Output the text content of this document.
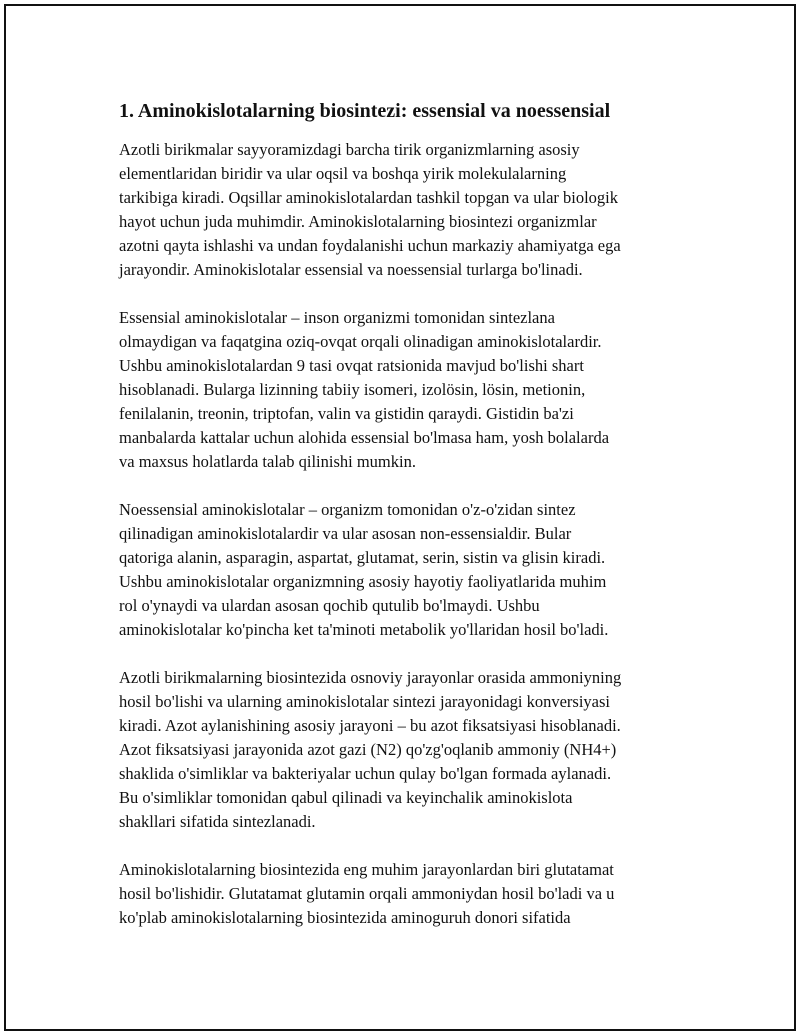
1. Aminokislotalarning biosintezi: essensial va noessensial

Azotli birikmalar sayyoramizdagi barcha tirik organizmlarning asosiy
elementlaridan biridir va ular oqsil va boshqa yirik molekulalarning
tarkibiga kiradi. Oqsillar aminokislotalardan tashkil topgan va ular biologik
hayot uchun juda muhimdir. Aminokislotalarning biosintezi organizmlar
azotni qayta ishlashi va undan foydalanishi uchun markaziy ahamiyatga ega
jarayondir. Aminokislotalar essensial va noessensial turlarga bo'linadi.

Essensial aminokislotalar – inson organizmi tomonidan sintezlana
olmaydigan va faqatgina oziq-ovqat orqali olinadigan aminokislotalardir.
Ushbu aminokislotalardan 9 tasi ovqat ratsionida mavjud bo'lishi shart
hisoblanadi. Bularga lizinning tabiiy isomeri, izolösin, lösin, metionin,
fenilalanin, treonin, triptofan, valin va gistidin qaraydi. Gistidin ba'zi
manbalarda kattalar uchun alohida essensial bo'lmasa ham, yosh bolalarda
va maxsus holatlarda talab qilinishi mumkin.

Noessensial aminokislotalar – organizm tomonidan o'z-o'zidan sintez
qilinadigan aminokislotalardir va ular asosan non-essensialdir. Bular
qatoriga alanin, asparagin, aspartat, glutamat, serin, sistin va glisin kiradi.
Ushbu aminokislotalar organizmning asosiy hayotiy faoliyatlarida muhim
rol o'ynaydi va ulardan asosan qochib qutulib bo'lmaydi. Ushbu
aminokislotalar ko'pincha ket ta'minoti metabolik yo'llaridan hosil bo'ladi.

Azotli birikmalarning biosintezida osnoviy jarayonlar orasida ammoniyning
hosil bo'lishi va ularning aminokislotalar sintezi jarayonidagi konversiyasi
kiradi. Azot aylanishining asosiy jarayoni – bu azot fiksatsiyasi hisoblanadi.
Azot fiksatsiyasi jarayonida azot gazi (N2) qo'zg'oqlanib ammoniy (NH4+)
shaklida o'simliklar va bakteriyalar uchun qulay bo'lgan formada aylanadi.
Bu o'simliklar tomonidan qabul qilinadi va keyinchalik aminokislota
shakllari sifatida sintezlanadi.

Aminokislotalarning biosintezida eng muhim jarayonlardan biri glutatamat
hosil bo'lishidir. Glutatamat glutamin orqali ammoniydan hosil bo'ladi va u
ko'plab aminokislotalarning biosintezida aminoguruh donori sifatida
